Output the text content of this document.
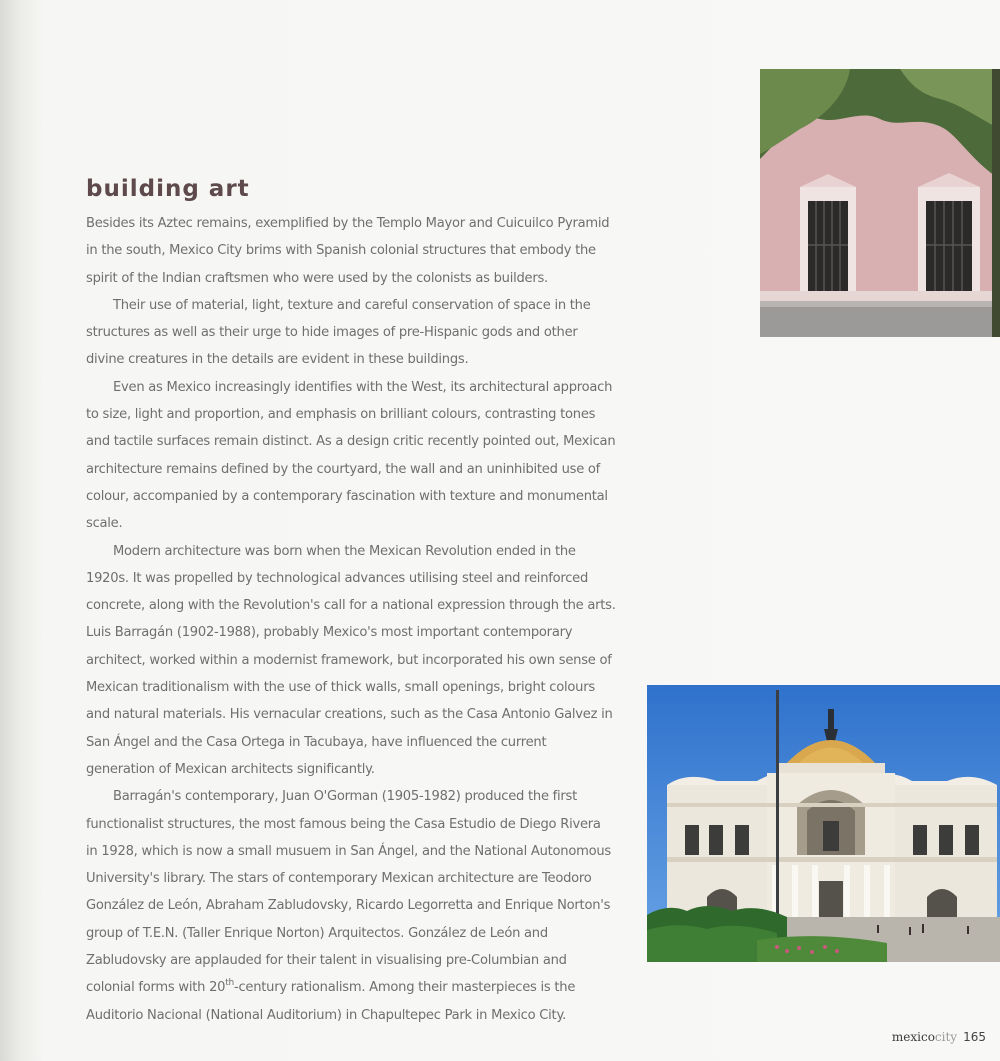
building art

Besides its Aztec remains, exemplified by the Templo Mayor and Cuicuilco Pyramid in the south, Mexico City brims with Spanish colonial structures that embody the spirit of the Indian craftsmen who were used by the colonists as builders.

Their use of material, light, texture and careful conservation of space in the structures as well as their urge to hide images of pre-Hispanic gods and other divine creatures in the details are evident in these buildings.

Even as Mexico increasingly identifies with the West, its architectural approach to size, light and proportion, and emphasis on brilliant colours, contrasting tones and tactile surfaces remain distinct. As a design critic recently pointed out, Mexican architecture remains defined by the courtyard, the wall and an uninhibited use of colour, accompanied by a contemporary fascination with texture and monumental scale.

Modern architecture was born when the Mexican Revolution ended in the 1920s. It was propelled by technological advances utilising steel and reinforced concrete, along with the Revolution's call for a national expression through the arts. Luis Barragán (1902-1988), probably Mexico's most important contemporary architect, worked within a modernist framework, but incorporated his own sense of Mexican traditionalism with the use of thick walls, small openings, bright colours and natural materials. His vernacular creations, such as the Casa Antonio Galvez in San Ángel and the Casa Ortega in Tacubaya, have influenced the current generation of Mexican architects significantly.

Barragán's contemporary, Juan O'Gorman (1905-1982) produced the first functionalist structures, the most famous being the Casa Estudio de Diego Rivera in 1928, which is now a small musuem in San Ángel, and the National Autonomous University's library. The stars of contemporary Mexican architecture are Teodoro González de León, Abraham Zabludovsky, Ricardo Legorretta and Enrique Norton's group of T.E.N. (Taller Enrique Norton) Arquitectos. González de León and Zabludovsky are applauded for their talent in visualising pre-Columbian and colonial forms with 20th-century rationalism. Among their masterpieces is the Auditorio Nacional (National Auditorium) in Chapultepec Park in Mexico City.

mexicocity 165
